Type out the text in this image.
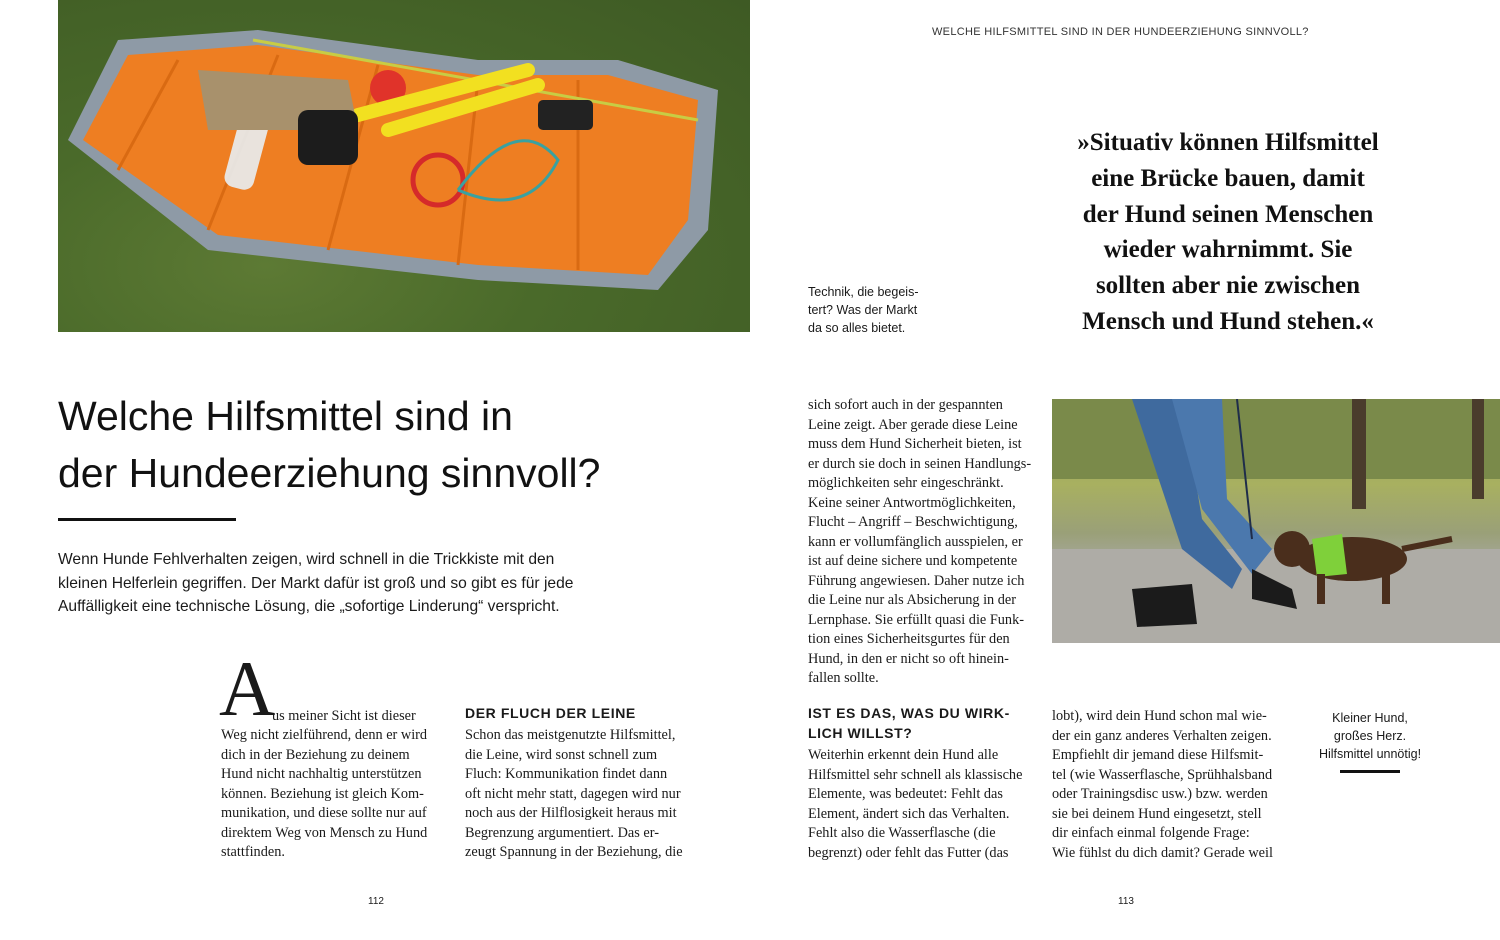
Welche Hilfsmittel sind in
der Hundeerziehung sinnvoll?
Wenn Hunde Fehlverhalten zeigen, wird schnell in die Trickkiste mit den
kleinen Helferlein gegriffen. Der Markt dafür ist groß und so gibt es für jede
Auffälligkeit eine technische Lösung, die „sofortige Linderung“ verspricht.
A
us meiner Sicht ist dieser
Weg nicht zielführend, denn er wird
dich in der Beziehung zu deinem
Hund nicht nachhaltig unterstützen
können. Beziehung ist gleich Kom-
munikation, und diese sollte nur auf
direktem Weg von Mensch zu Hund
stattfinden.
DER FLUCH DER LEINE
Schon das meistgenutzte Hilfsmittel,
die Leine, wird sonst schnell zum
Fluch: Kommunikation findet dann
oft nicht mehr statt, dagegen wird nur
noch aus der Hilflosigkeit heraus mit
Begrenzung argumentiert. Das er-
zeugt Spannung in der Beziehung, die
112
WELCHE HILFSMITTEL SIND IN DER HUNDEERZIEHUNG SINNVOLL?
»Situativ können Hilfsmittel
eine Brücke bauen, damit
der Hund seinen Menschen
wieder wahrnimmt. Sie
sollten aber nie zwischen
Mensch und Hund stehen.«
Technik, die begeis-
tert? Was der Markt
da so alles bietet.
sich sofort auch in der gespannten
Leine zeigt. Aber gerade diese Leine
muss dem Hund Sicherheit bieten, ist
er durch sie doch in seinen Handlungs-
möglichkeiten sehr eingeschränkt.
Keine seiner Antwortmöglichkeiten,
Flucht – Angriff – Beschwichtigung,
kann er vollumfänglich ausspielen, er
ist auf deine sichere und kompetente
Führung angewiesen. Daher nutze ich
die Leine nur als Absicherung in der
Lernphase. Sie erfüllt quasi die Funk-
tion eines Sicherheitsgurtes für den
Hund, in den er nicht so oft hinein-
fallen sollte.
IST ES DAS, WAS DU WIRK-
LICH WILLST?
Weiterhin erkennt dein Hund alle
Hilfsmittel sehr schnell als klassische
Elemente, was bedeutet: Fehlt das
Element, ändert sich das Verhalten.
Fehlt also die Wasserflasche (die
begrenzt) oder fehlt das Futter (das
lobt), wird dein Hund schon mal wie-
der ein ganz anderes Verhalten zeigen.
Empfiehlt dir jemand diese Hilfsmit-
tel (wie Wasserflasche, Sprühhalsband
oder Trainingsdisc usw.) bzw. werden
sie bei deinem Hund eingesetzt, stell
dir einfach einmal folgende Frage:
Wie fühlst du dich damit? Gerade weil
Kleiner Hund,
großes Herz.
Hilfsmittel unnötig!
113
